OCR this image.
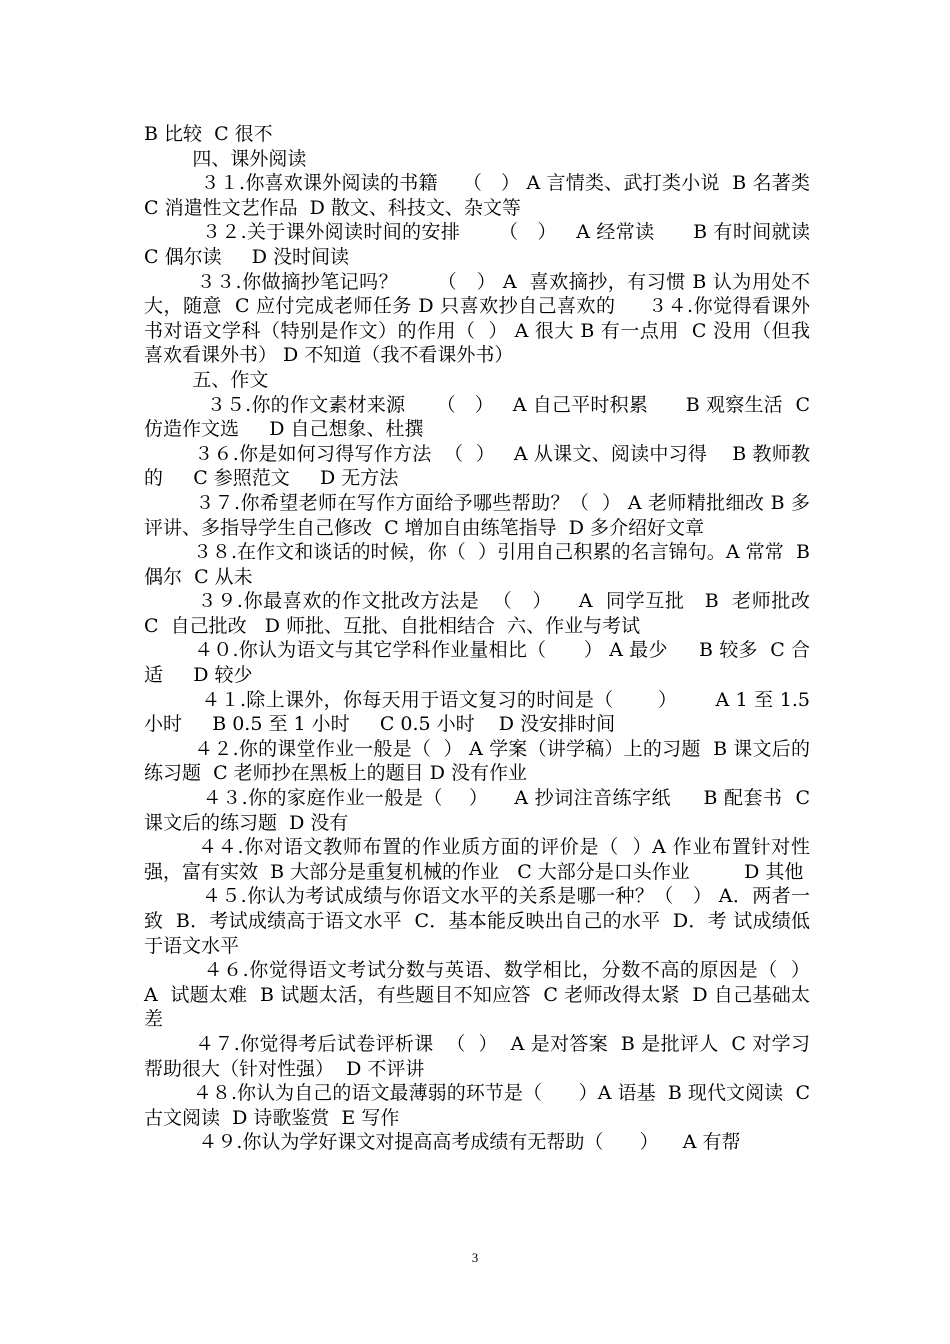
B 比较  C 很不

四、课外阅读

３１.你喜欢课外阅读的书籍    （   ） A 言情类、武打类小说  B 名著类  C 消遣性文艺作品  D 散文、科技文、杂文等

３２.关于课外阅读时间的安排      （   ）   A 经常读      B 有时间就读     C 偶尔读     D 没时间读

３３.你做摘抄笔记吗？      （   ） A  喜欢摘抄，有习惯 B 认为用处不大，随意  C 应付完成老师任务 D 只喜欢抄自己喜欢的     ３４.你觉得看课外书对语文学科（特别是作文）的作用（  ） A 很大 B 有一点用  C 没用（但我喜欢看课外书） D 不知道（我不看课外书）

五、作文

３５.你的作文素材来源     （   ）   A 自己平时积累      B 观察生活  C 仿造作文选     D 自己想象、杜撰

３６.你是如何习得写作方法  （  ）   A 从课文、阅读中习得    B 教师教的     C 参照范文     D 无方法

３７.你希望老师在写作方面给予哪些帮助？（  ） A 老师精批细改 B 多评讲、多指导学生自己修改  C 增加自由练笔指导  D 多介绍好文章

３８.在作文和谈话的时候，你（  ）引用自己积累的名言锦句。A 常常  B 偶尔  C 从未

３９.你最喜欢的作文批改方法是  （   ）    A  同学互批   B  老师批改   C  自己批改   D 师批、互批、自批相结合  六、作业与考试

４０.你认为语文与其它学科作业量相比（      ） A 最少     B 较多  C 合适     D 较少

４１.除上课外，你每天用于语文复习的时间是（       ）      A 1 至 1.5 小时     B 0.5 至 1 小时     C 0.5 小时    D 没安排时间

４２.你的课堂作业一般是（  ） A 学案（讲学稿）上的习题  B 课文后的练习题  C 老师抄在黑板上的题目 D 没有作业

４３.你的家庭作业一般是（    ）    A 抄词注音练字纸     B 配套书  C 课文后的练习题  D 没有

４４.你对语文教师布置的作业质方面的评价是（  ）A 作业布置针对性强，富有实效  B 大部分是重复机械的作业   C 大部分是口头作业         D 其他

４５.你认为考试成绩与你语文水平的关系是哪一种？（   ） A．两者一致  B．考试成绩高于语文水平  C．基本能反映出自己的水平  D．考 试成绩低于语文水平

４６.你觉得语文考试分数与英语、数学相比，分数不高的原因是（  ）  A  试题太难  B 试题太活，有些题目不知应答  C 老师改得太紧  D 自己基础太差

４７.你觉得考后试卷评析课  （  ）  A 是对答案  B 是批评人  C 对学习帮助很大（针对性强）  D 不评讲

４８.你认为自己的语文最薄弱的环节是（      ）A 语基  B 现代文阅读  C 古文阅读  D 诗歌鉴赏  E 写作

４９.你认为学好课文对提高高考成绩有无帮助（      ）    A 有帮

3
